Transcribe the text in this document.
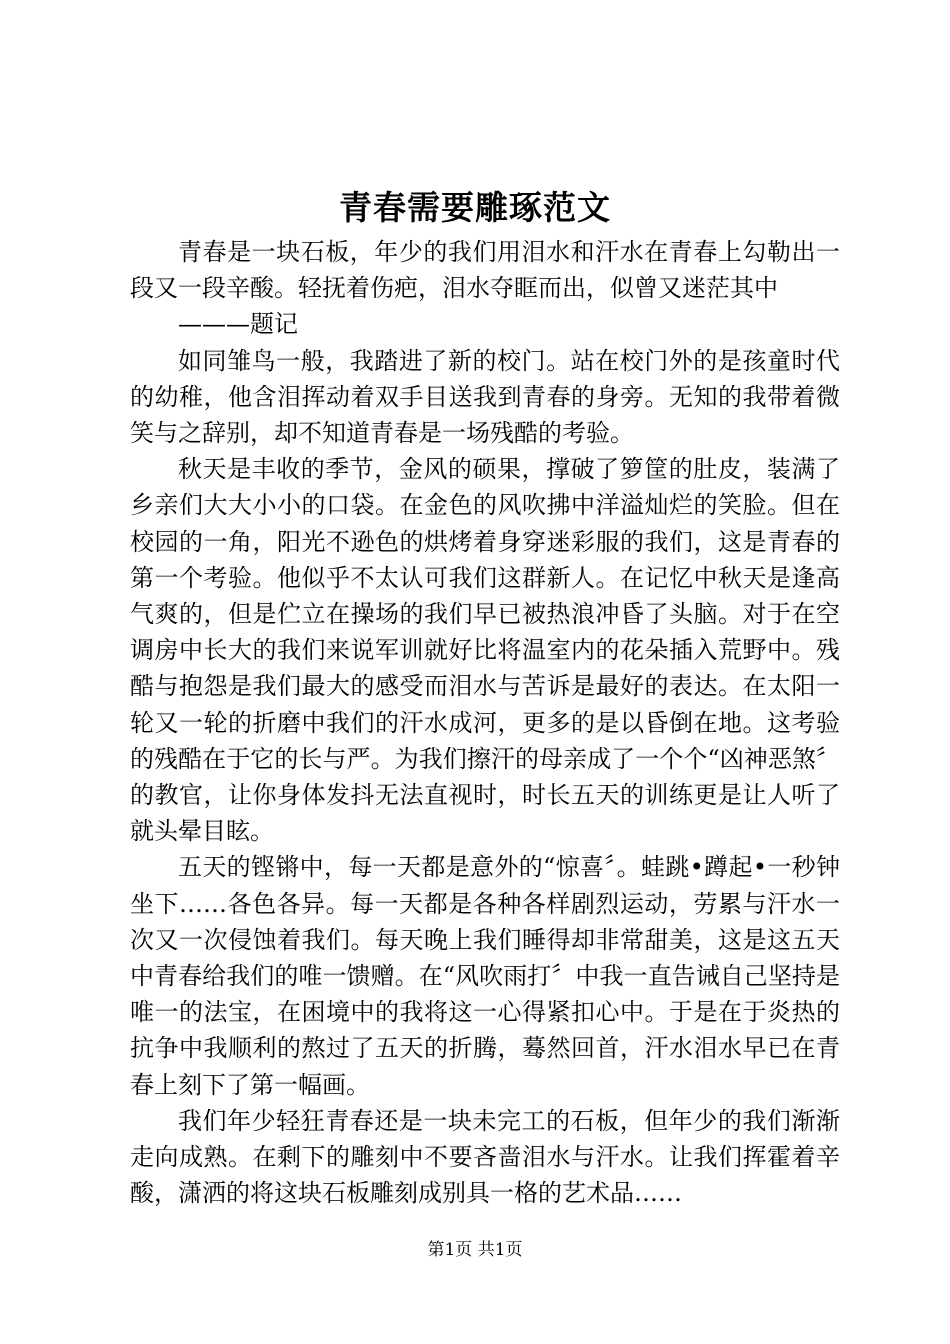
青春需要雕琢范文

青春是一块石板，年少的我们用泪水和汗水在青春上勾勒出一段又一段辛酸。轻抚着伤疤，泪水夺眶而出，似曾又迷茫其中

———题记

如同雏鸟一般，我踏进了新的校门。站在校门外的是孩童时代的幼稚，他含泪挥动着双手目送我到青春的身旁。无知的我带着微笑与之辞别，却不知道青春是一场残酷的考验。

秋天是丰收的季节，金风的硕果，撑破了箩筐的肚皮，装满了乡亲们大大小小的口袋。在金色的风吹拂中洋溢灿烂的笑脸。但在校园的一角，阳光不逊色的烘烤着身穿迷彩服的我们，这是青春的第一个考验。他似乎不太认可我们这群新人。在记忆中秋天是逢高气爽的，但是伫立在操场的我们早已被热浪冲昏了头脑。对于在空调房中长大的我们来说军训就好比将温室内的花朵插入荒野中。残酷与抱怨是我们最大的感受而泪水与苦诉是最好的表达。在太阳一轮又一轮的折磨中我们的汗水成河，更多的是以昏倒在地。这考验的残酷在于它的长与严。为我们擦汗的母亲成了一个个“凶神恶煞〞的教官，让你身体发抖无法直视时，时长五天的训练更是让人听了就头晕目眩。

五天的铿锵中，每一天都是意外的“惊喜〞。蛙跳•蹲起•一秒钟坐下……各色各异。每一天都是各种各样剧烈运动，劳累与汗水一次又一次侵蚀着我们。每天晚上我们睡得却非常甜美，这是这五天中青春给我们的唯一馈赠。在“风吹雨打〞中我一直告诫自己坚持是唯一的法宝，在困境中的我将这一心得紧扣心中。于是在于炎热的抗争中我顺利的熬过了五天的折腾，蓦然回首，汗水泪水早已在青春上刻下了第一幅画。

我们年少轻狂青春还是一块未完工的石板，但年少的我们渐渐走向成熟。在剩下的雕刻中不要吝啬泪水与汗水。让我们挥霍着辛酸，潇洒的将这块石板雕刻成别具一格的艺术品……

第1页 共1页
